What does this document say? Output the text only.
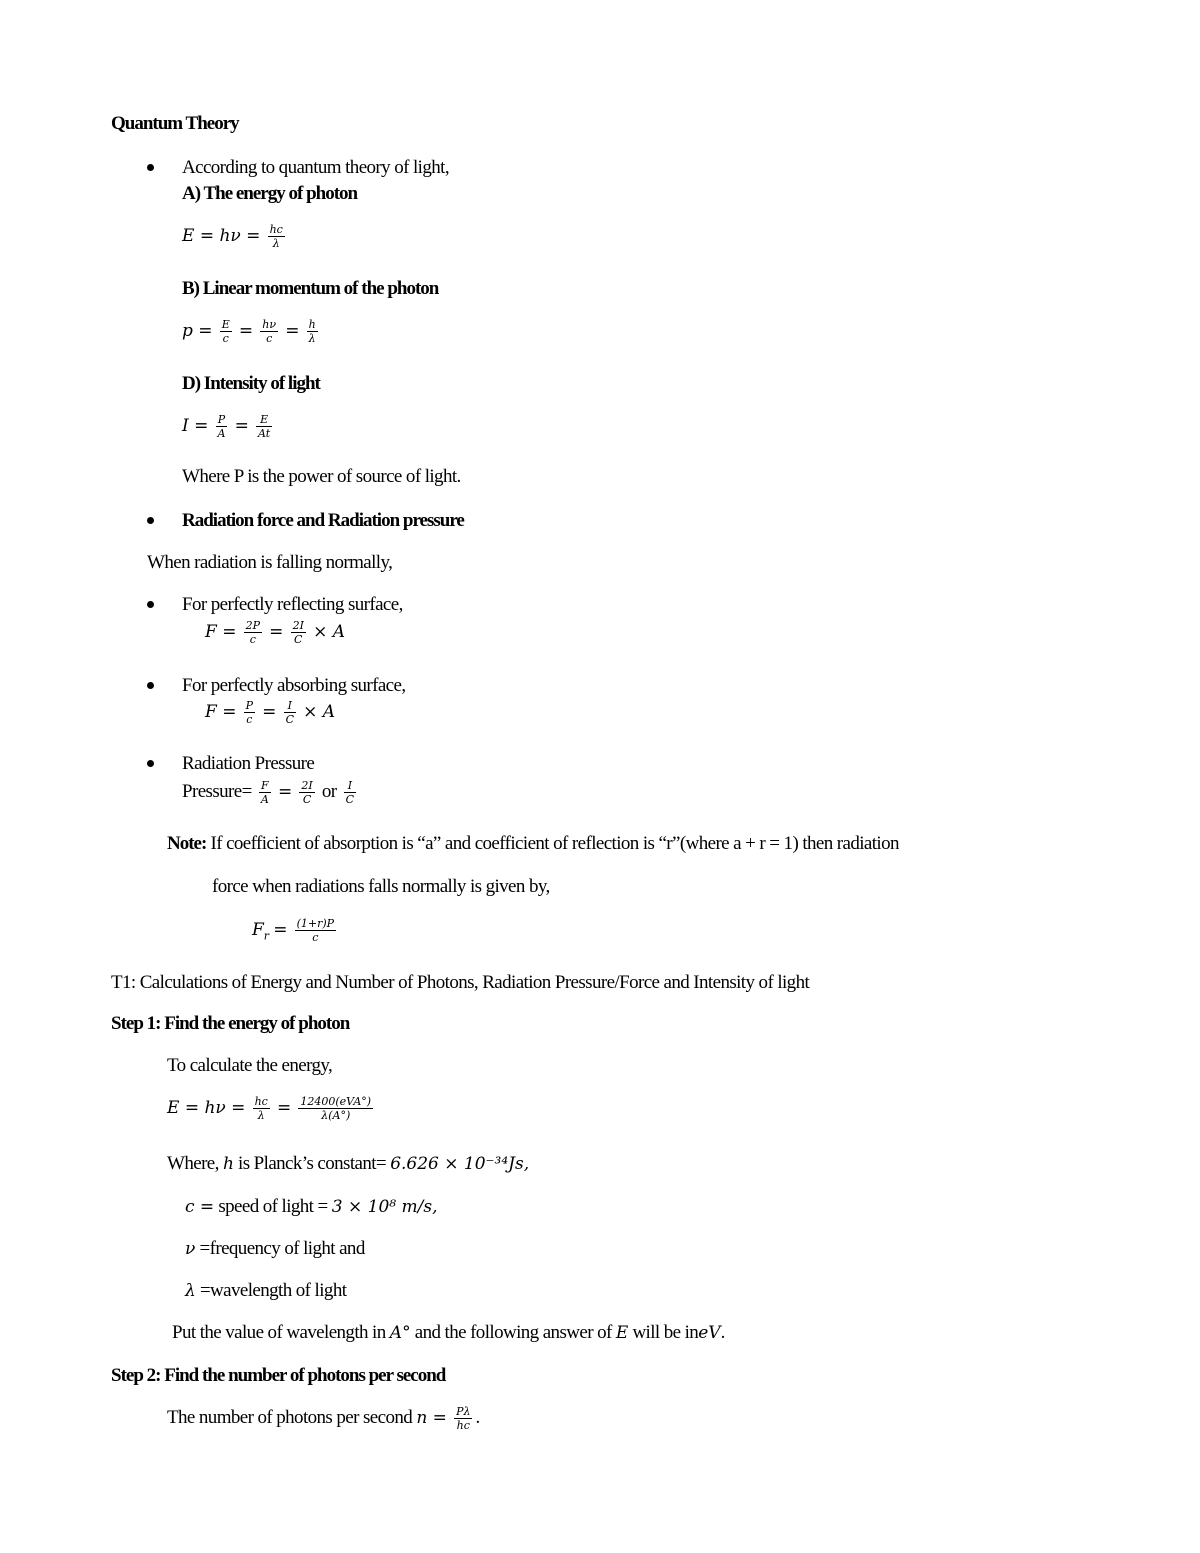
Quantum Theory
According to quantum theory of light,
A) The energy of photon
$E = h\nu = \frac{hc}{\lambda}$
B) Linear momentum of the photon
$p = \frac{E}{c} = \frac{h\nu}{c} = \frac{h}{\lambda}$
D) Intensity of light
$I = \frac{P}{A} = \frac{E}{At}$
Where P is the power of source of light.
Radiation force and Radiation pressure
When radiation is falling normally,
For perfectly reflecting surface,
$F = \frac{2P}{c} = \frac{2I}{C} \times A$
For perfectly absorbing surface,
$F = \frac{P}{c} = \frac{I}{C} \times A$
Radiation Pressure
Pressure= $\frac{F}{A} = \frac{2I}{C}$ or $\frac{I}{C}$
Note: If coefficient of absorption is “a” and coefficient of reflection is “r”(where a + r = 1) then radiation
force when radiations falls normally is given by,
$F_r = \frac{(1+r)P}{c}$
T1: Calculations of Energy and Number of Photons, Radiation Pressure/Force and Intensity of light
Step 1: Find the energy of photon
To calculate the energy,
$E = h\nu = \frac{hc}{\lambda} = \frac{\text{12400(eVA°)}}{\lambda(A^\circ)}$
Where, h is Planck’s constant= 6.626 × 10⁻³⁴Js,
c = speed of light = 3 × 10⁸ m/s,
ν =frequency of light and
λ =wavelength of light
Put the value of wavelength in A° and the following answer of E will be ineV.
Step 2: Find the number of photons per second
The number of photons per second $n = \frac{P\lambda}{hc}$ .
